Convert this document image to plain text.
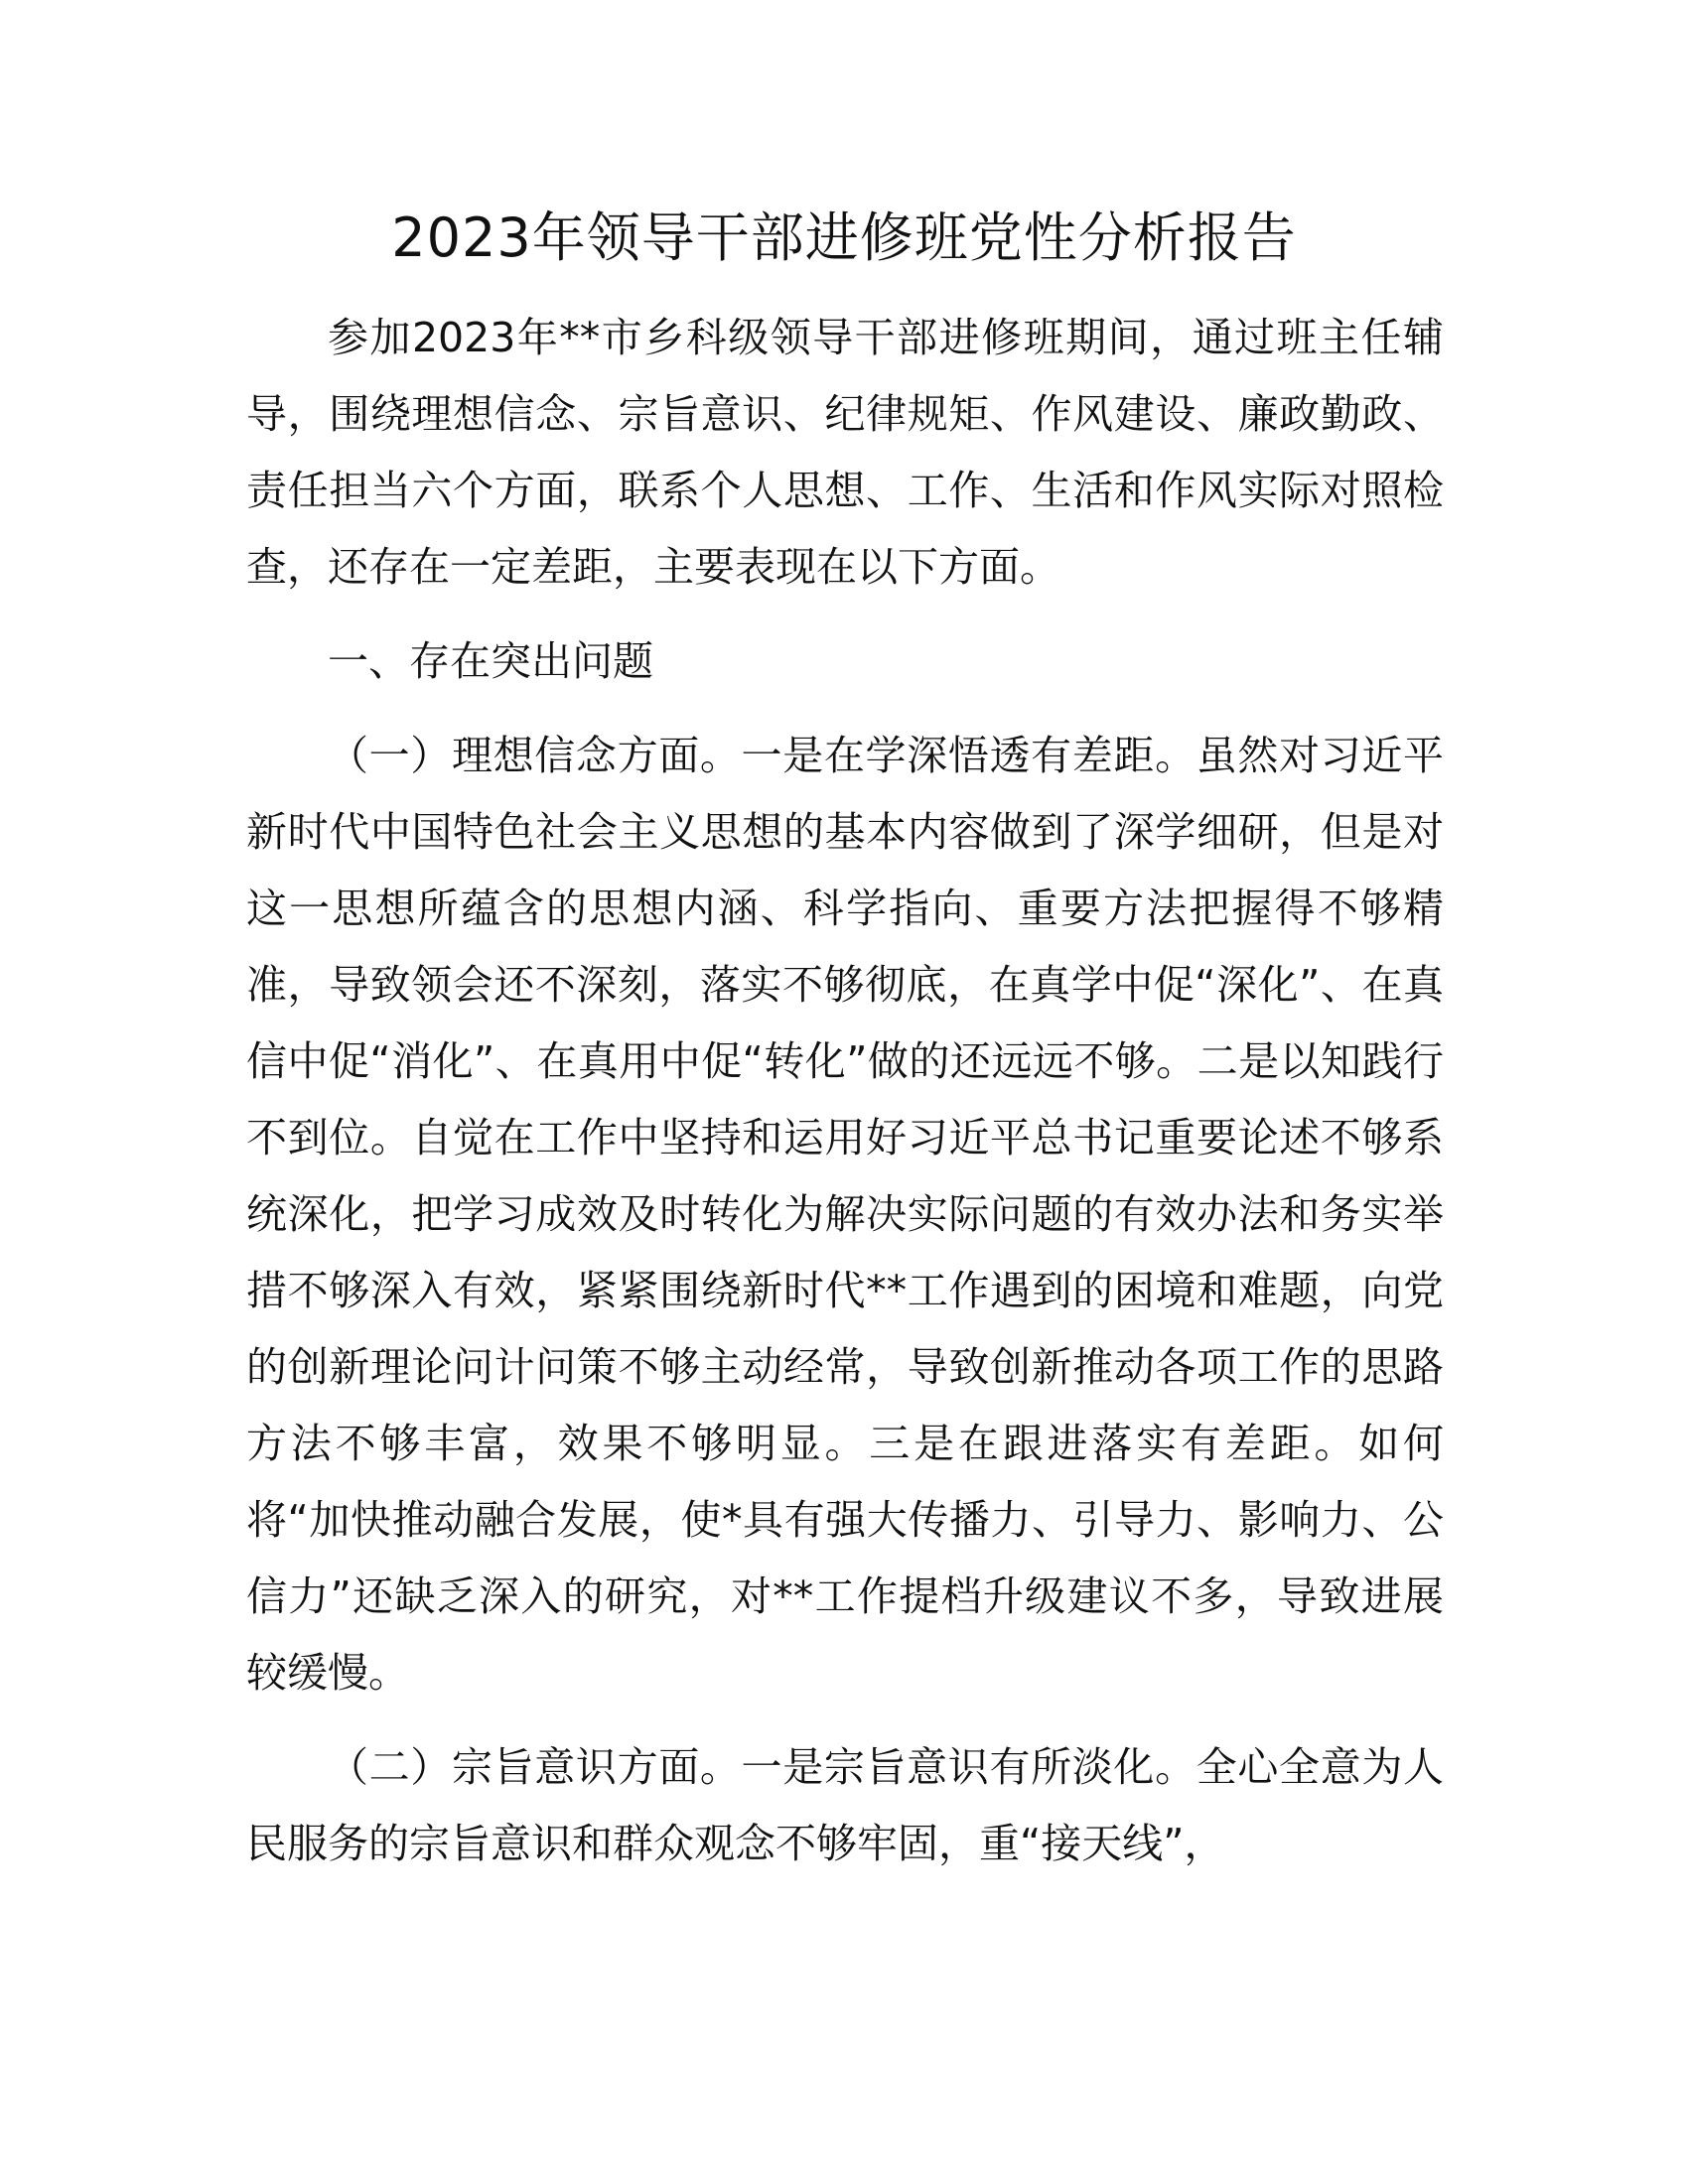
2023年领导干部进修班党性分析报告

参加2023年**市乡科级领导干部进修班期间，通过班主任辅导，围绕理想信念、宗旨意识、纪律规矩、作风建设、廉政勤政、责任担当六个方面，联系个人思想、工作、生活和作风实际对照检查，还存在一定差距，主要表现在以下方面。

一、存在突出问题

（一）理想信念方面。一是在学深悟透有差距。虽然对习近平新时代中国特色社会主义思想的基本内容做到了深学细研，但是对这一思想所蕴含的思想内涵、科学指向、重要方法把握得不够精准，导致领会还不深刻，落实不够彻底，在真学中促“深化”、在真信中促“消化”、在真用中促“转化”做的还远远不够。二是以知践行不到位。自觉在工作中坚持和运用好习近平总书记重要论述不够系统深化，把学习成效及时转化为解决实际问题的有效办法和务实举措不够深入有效，紧紧围绕新时代**工作遇到的困境和难题，向党的创新理论问计问策不够主动经常，导致创新推动各项工作的思路方法不够丰富，效果不够明显。三是在跟进落实有差距。如何将“加快推动融合发展，使*具有强大传播力、引导力、影响力、公信力”还缺乏深入的研究，对**工作提档升级建议不多，导致进展较缓慢。

（二）宗旨意识方面。一是宗旨意识有所淡化。全心全意为人民服务的宗旨意识和群众观念不够牢固，重“接天线”，
